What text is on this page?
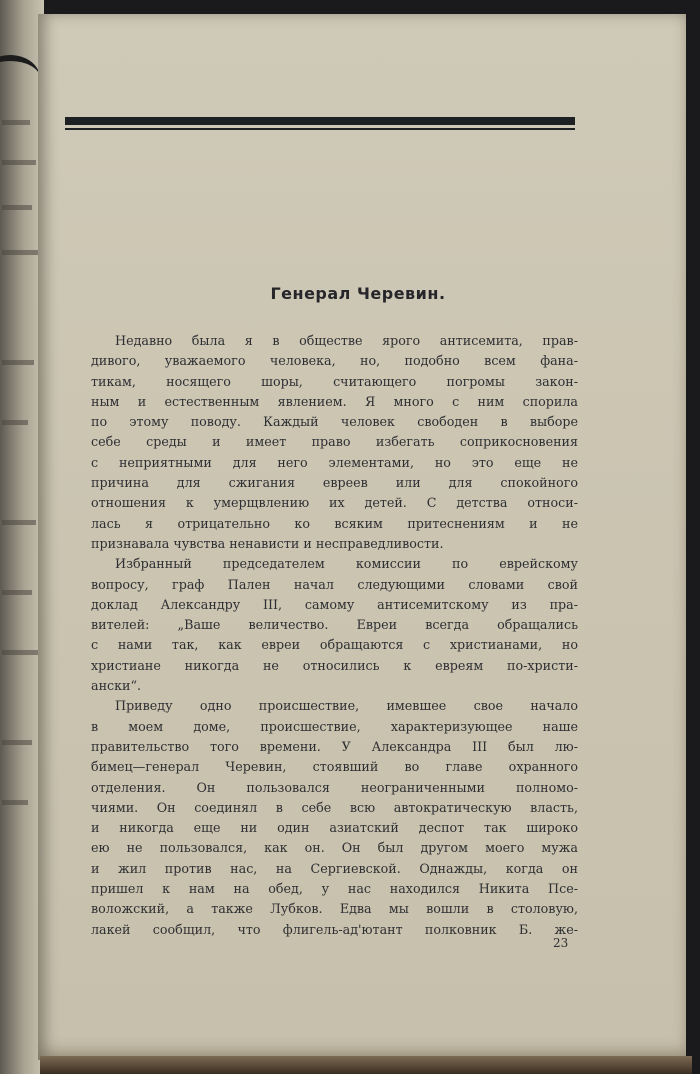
Генерал Черевин.
Недавно была я в обществе ярого антисемита, прав-
дивого, уважаемого человека, но, подобно всем фана-
тикам, носящего шоры, считающего погромы закон-
ным и естественным явлением. Я много с ним спорила
по этому поводу. Каждый человек свободен в выборе
себе среды и имеет право избегать соприкосновения
с неприятными для него элементами, но это еще не
причина для сжигания евреев или для спокойного
отношения к умерщвлению их детей. С детства относи-
лась я отрицательно ко всяким притеснениям и не
признавала чувства ненависти и несправедливости.
Избранный председателем комиссии по еврейскому
вопросу, граф Пален начал следующими словами свой
доклад Александру III, самому антисемитскому из пра-
вителей: „Ваше величество. Евреи всегда обращались
с нами так, как евреи обращаются с христианами, но
христиане никогда не относились к евреям по-христи-
ански“.
Приведу одно происшествие, имевшее свое начало
в моем доме, происшествие, характеризующее наше
правительство того времени. У Александра III был лю-
бимец—генерал Черевин, стоявший во главе охранного
отделения. Он пользовался неограниченными полномо-
чиями. Он соединял в себе всю автократическую власть,
и никогда еще ни один азиатский деспот так широко
ею не пользовался, как он. Он был другом моего мужа
и жил против нас, на Сергиевской. Однажды, когда он
пришел к нам на обед, у нас находился Никита Псе-
воложский, а также Лубков. Едва мы вошли в столовую,
лакей сообщил, что флигель-ад'ютант полковник Б. же-
23
